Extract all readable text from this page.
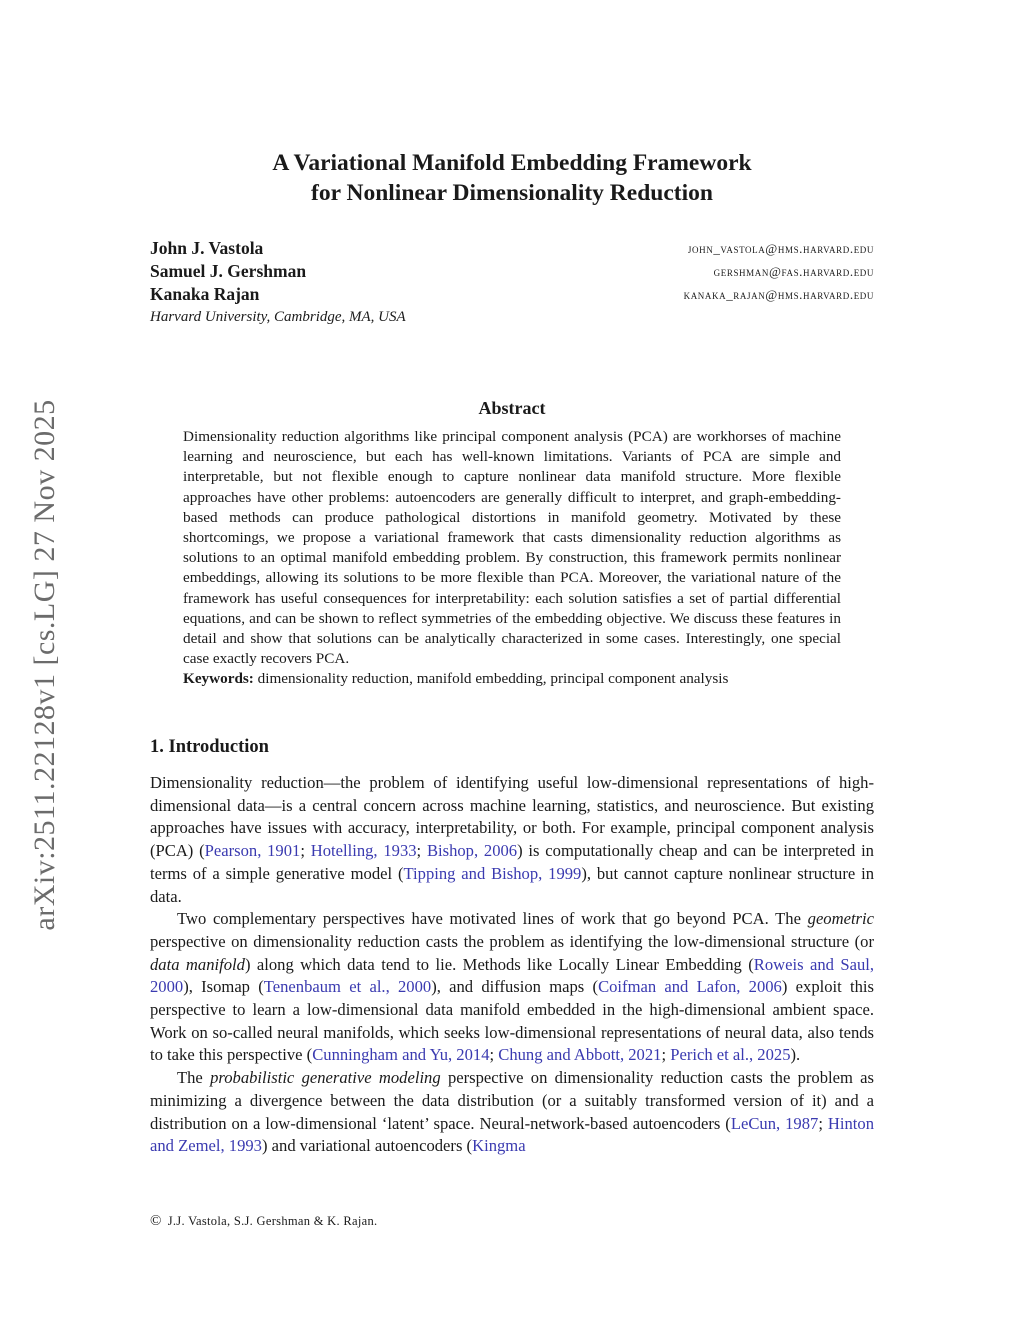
arXiv:2511.22128v1 [cs.LG] 27 Nov 2025
A Variational Manifold Embedding Framework
for Nonlinear Dimensionality Reduction
John J. Vastola	john_vastola@hms.harvard.edu
Samuel J. Gershman	gershman@fas.harvard.edu
Kanaka Rajan	kanaka_rajan@hms.harvard.edu
Harvard University, Cambridge, MA, USA
Abstract
Dimensionality reduction algorithms like principal component analysis (PCA) are workhorses of machine learning and neuroscience, but each has well-known limitations. Variants of PCA are simple and interpretable, but not flexible enough to capture nonlinear data manifold structure. More flexible approaches have other problems: autoencoders are generally difficult to interpret, and graph-embedding-based methods can produce pathological distortions in manifold geometry. Motivated by these shortcomings, we propose a variational framework that casts dimensionality reduction algorithms as solutions to an optimal manifold embedding problem. By construction, this framework permits nonlinear embeddings, allowing its solutions to be more flexible than PCA. Moreover, the variational nature of the framework has useful consequences for interpretability: each solution satisfies a set of partial differential equations, and can be shown to reflect symmetries of the embedding objective. We discuss these features in detail and show that solutions can be analytically characterized in some cases. Interestingly, one special case exactly recovers PCA.
Keywords: dimensionality reduction, manifold embedding, principal component analysis
1. Introduction

Dimensionality reduction—the problem of identifying useful low-dimensional representations of high-dimensional data—is a central concern across machine learning, statistics, and neuroscience. But existing approaches have issues with accuracy, interpretability, or both. For example, principal component analysis (PCA) (Pearson, 1901; Hotelling, 1933; Bishop, 2006) is computationally cheap and can be interpreted in terms of a simple generative model (Tipping and Bishop, 1999), but cannot capture nonlinear structure in data.

Two complementary perspectives have motivated lines of work that go beyond PCA. The geometric perspective on dimensionality reduction casts the problem as identifying the low-dimensional structure (or data manifold) along which data tend to lie. Methods like Locally Linear Embedding (Roweis and Saul, 2000), Isomap (Tenenbaum et al., 2000), and diffusion maps (Coifman and Lafon, 2006) exploit this perspective to learn a low-dimensional data manifold embedded in the high-dimensional ambient space. Work on so-called neural manifolds, which seeks low-dimensional representations of neural data, also tends to take this perspective (Cunningham and Yu, 2014; Chung and Abbott, 2021; Perich et al., 2025).

The probabilistic generative modeling perspective on dimensionality reduction casts the problem as minimizing a divergence between the data distribution (or a suitably transformed version of it) and a distribution on a low-dimensional ‘latent’ space. Neural-network-based autoencoders (LeCun, 1987; Hinton and Zemel, 1993) and variational autoencoders (Kingma

© J.J. Vastola, S.J. Gershman & K. Rajan.
